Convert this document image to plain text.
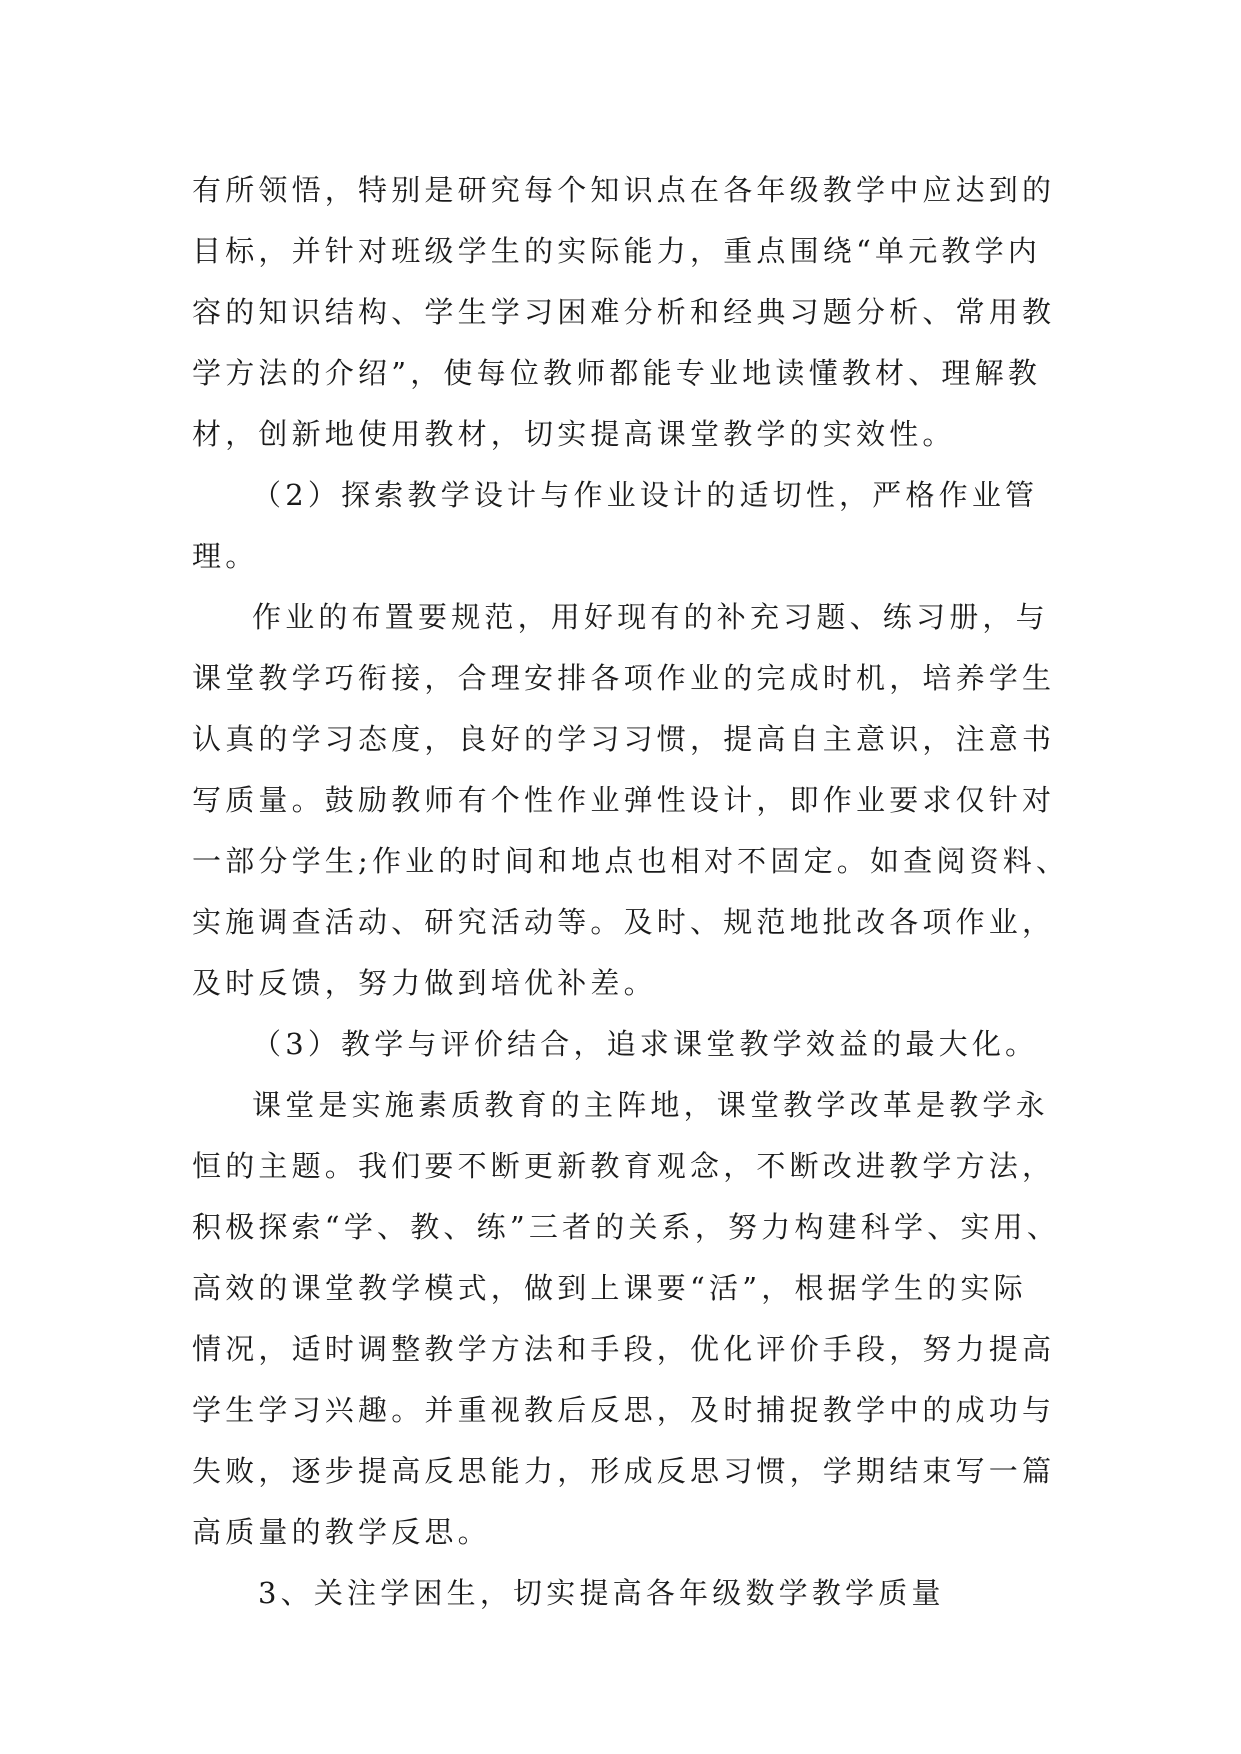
有所领悟，特别是研究每个知识点在各年级教学中应达到的
目标，并针对班级学生的实际能力，重点围绕“单元教学内
容的知识结构、学生学习困难分析和经典习题分析、常用教
学方法的介绍”，使每位教师都能专业地读懂教材、理解教
材，创新地使用教材，切实提高课堂教学的实效性。
（2）探索教学设计与作业设计的适切性，严格作业管
理。
作业的布置要规范，用好现有的补充习题、练习册，与
课堂教学巧衔接，合理安排各项作业的完成时机，培养学生
认真的学习态度，良好的学习习惯，提高自主意识，注意书
写质量。鼓励教师有个性作业弹性设计，即作业要求仅针对
一部分学生;作业的时间和地点也相对不固定。如查阅资料、
实施调查活动、研究活动等。及时、规范地批改各项作业，
及时反馈，努力做到培优补差。
（3）教学与评价结合，追求课堂教学效益的最大化。
课堂是实施素质教育的主阵地，课堂教学改革是教学永
恒的主题。我们要不断更新教育观念，不断改进教学方法，
积极探索“学、教、练”三者的关系，努力构建科学、实用、
高效的课堂教学模式，做到上课要“活”，根据学生的实际
情况，适时调整教学方法和手段，优化评价手段，努力提高
学生学习兴趣。并重视教后反思，及时捕捉教学中的成功与
失败，逐步提高反思能力，形成反思习惯，学期结束写一篇
高质量的教学反思。
3、关注学困生，切实提高各年级数学教学质量
